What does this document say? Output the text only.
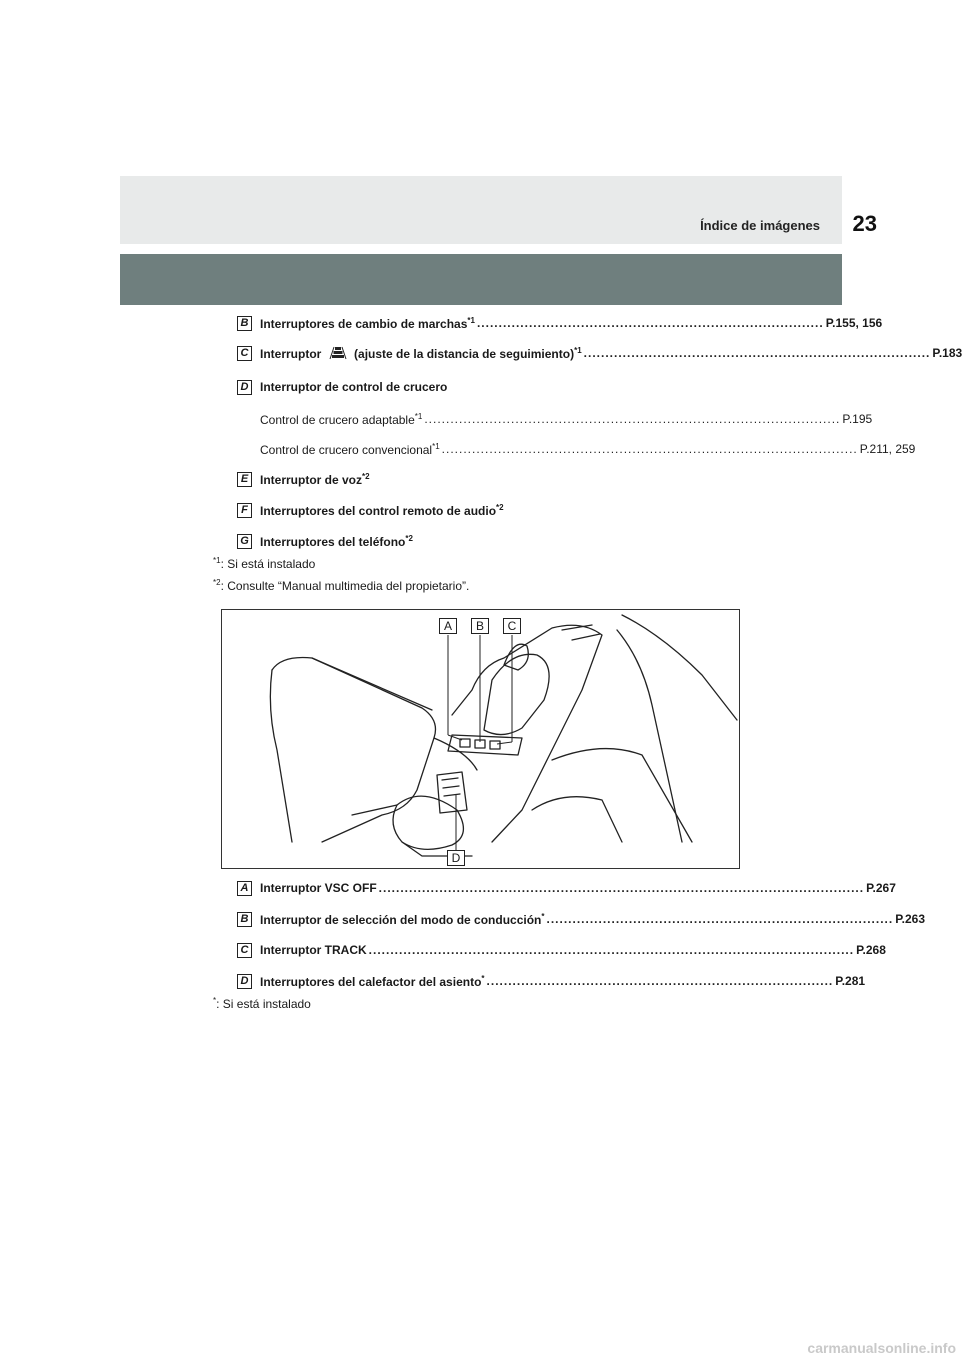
Índice de imágenes 23
B Interruptores de cambio de marchas$^{*1}$ ................................................................................ P.155, 156
C Interruptor	(ajuste de la distancia de seguimiento)$^{*1}$ ................................................................................ P.183
D Interruptor de control de crucero
Control de crucero adaptable$^{*1}$ ................................................................................................ P.195
Control de crucero convencional$^{*1}$ ................................................................................................ P.211, 259
E Interruptor de voz$^{*2}$
F	Interruptores del control remoto de audio$^{*2}$
G Interruptores del teléfono$^{*2}$
$^{*1}$: Si está instalado
$^{*2}$: Consulte “Manual multimedia del propietario”.
A	B	C
D
A Interruptor VSC OFF ................................................................................................................ P.267
B Interruptor de selección del modo de conducción* ................................................................................ P.263
C Interruptor TRACK ................................................................................................................ P.268
D Interruptores del calefactor del asiento* ................................................................................ P.281
*: Si está instalado
carmanualsonline.info
